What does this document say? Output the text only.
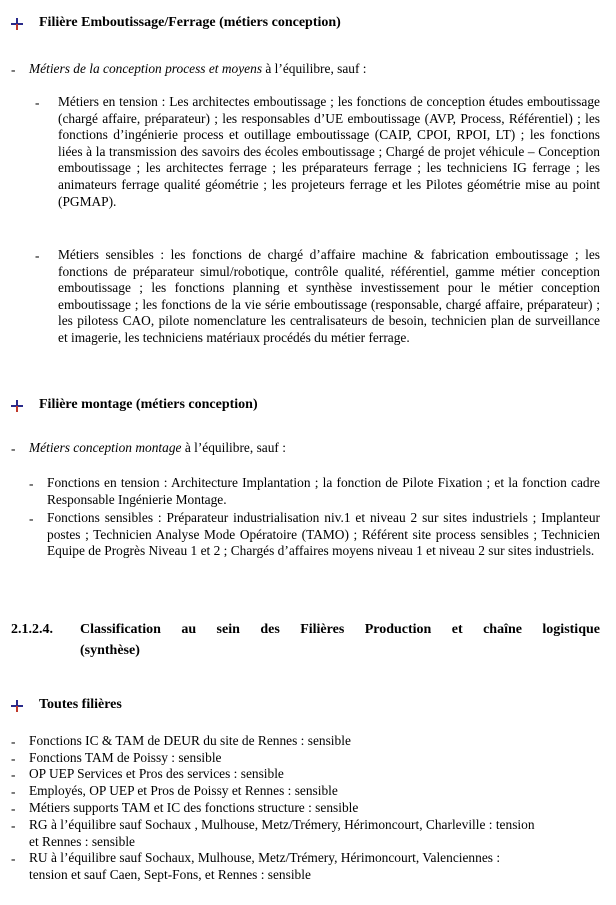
Filière Emboutissage/Ferrage (métiers conception)
- Métiers de la conception process et moyens à l’équilibre, sauf :
- Métiers en tension : Les architectes emboutissage ; les fonctions de conception études emboutissage (chargé affaire, préparateur) ; les responsables d’UE emboutissage (AVP, Process, Référentiel) ; les fonctions d’ingénierie process et outillage emboutissage (CAIP, CPOI, RPOI, LT) ; les fonctions liées à la transmission des savoirs des écoles emboutissage ; Chargé de projet véhicule – Conception emboutissage ; les architectes ferrage ; les préparateurs ferrage ; les techniciens IG ferrage ; les animateurs ferrage qualité géométrie ; les projeteurs ferrage et les Pilotes géométrie mise au point (PGMAP).
- Métiers sensibles : les fonctions de chargé d’affaire machine & fabrication emboutissage ; les fonctions de préparateur simul/robotique, contrôle qualité, référentiel, gamme métier conception emboutissage ; les fonctions planning et synthèse investissement pour le métier conception emboutissage ; les fonctions de la vie série emboutissage (responsable, chargé affaire, préparateur) ; les pilotess CAO, pilote nomenclature les centralisateurs de besoin, technicien plan de surveillance et imagerie, les techniciens matériaux procédés du métier ferrage.
Filière montage (métiers conception)
- Métiers conception montage à l’équilibre, sauf :
- Fonctions en tension : Architecture Implantation ; la fonction de Pilote Fixation ; et la fonction cadre Responsable Ingénierie Montage.
- Fonctions sensibles : Préparateur industrialisation niv.1 et niveau 2 sur sites industriels ; Implanteur postes ; Technicien Analyse Mode Opératoire (TAMO) ; Référent site process sensibles ; Technicien Equipe de Progrès Niveau 1 et 2 ; Chargés d’affaires moyens niveau 1 et niveau 2 sur sites industriels.
2.1.2.4. Classification au sein des Filières Production et chaîne logistique
(synthèse)
Toutes filières
- Fonctions IC & TAM de DEUR du site de Rennes : sensible
- Fonctions TAM de Poissy : sensible
- OP UEP Services et Pros des services : sensible
- Employés, OP UEP et Pros de Poissy et Rennes : sensible
- Métiers supports TAM et IC des fonctions structure : sensible
- RG à l’équilibre sauf Sochaux , Mulhouse, Metz/Trémery, Hérimoncourt, Charleville : tension
et Rennes : sensible
- RU à l’équilibre sauf Sochaux, Mulhouse, Metz/Trémery, Hérimoncourt, Valenciennes :
tension et sauf Caen, Sept-Fons, et Rennes : sensible
